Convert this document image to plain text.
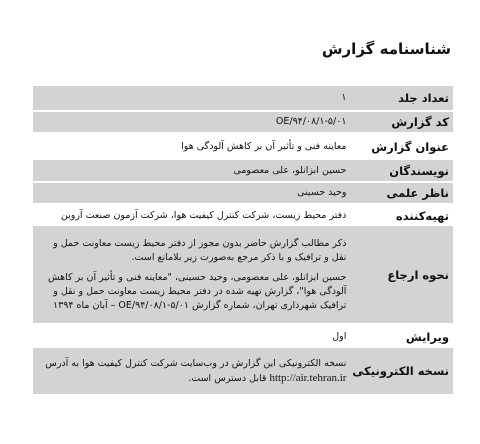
شناسنامه گزارش
تعداد جلد	۱
کد گزارش	OE/۹۴/۰۸/۱-۵/۰۱
عنوان گزارش	معاینه فنی و تأثیر آن بر کاهش آلودگی هوا
نویسندگان	حسین ابزانلو، علی معصومی
ناظر علمی	وحید حسینی
تهیه‌کننده	دفتر محیط زیست، شرکت کنترل کیفیت هوا، شرکت آزمون صنعت آروین
نحوه ارجاع	ذکر مطالب گزارش حاضر بدون مجوز از دفتر محیط زیست معاونت حمل و نقل و ترافیک و با ذکر مرجع به‌صورت زیر بلامانع است.

حسین ابزانلو، علی معصومی، وحید حسینی، "معاینه فنی و تأثیر آن بر کاهش آلودگی هوا"، گزارش تهیه شده در دفتر محیط زیست معاونت حمل و نقل و ترافیک شهرداری تهران، شماره گزارش OE/۹۴/۰۸/۱-۵/۰۱ – آبان ماه ۱۳۹۴

ویرایش	اول
نسخه الکترونیکی	نسخه الکترونیکی این گزارش در وب‌سایت شرکت کنترل کیفیت هوا به آدرس http://air.tehran.ir قابل دسترس است.
